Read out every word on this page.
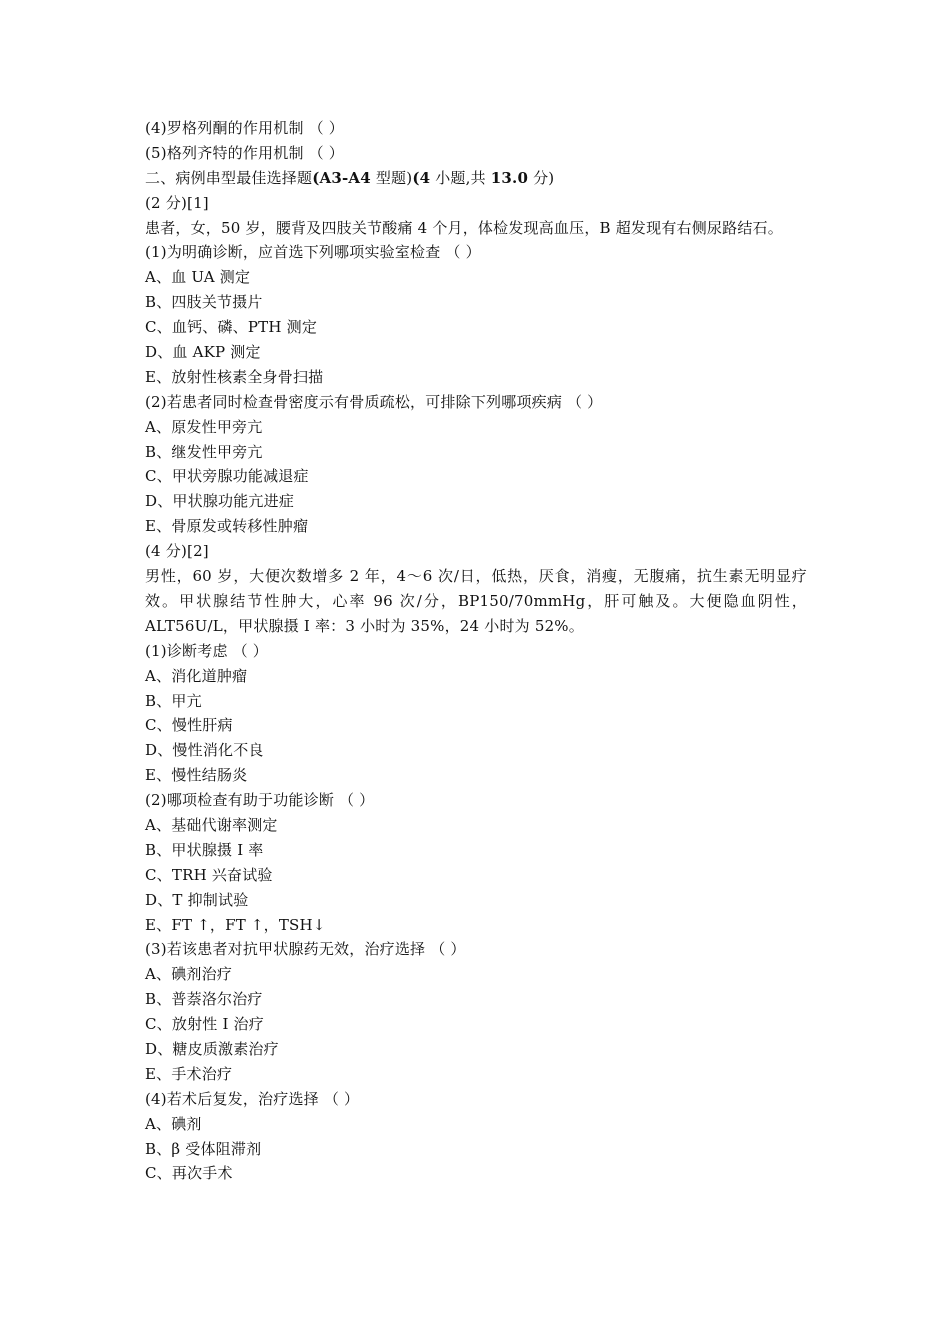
(4)罗格列酮的作用机制 （ ）
(5)格列齐特的作用机制 （ ）
二、病例串型最佳选择题(A3-A4 型题)(4 小题,共 13.0 分)
(2 分)[1]
患者，女，50 岁，腰背及四肢关节酸痛 4 个月，体检发现高血压，B 超发现有右侧尿路结石。
(1)为明确诊断，应首选下列哪项实验室检查 （ ）
A、血 UA 测定
B、四肢关节摄片
C、血钙、磷、PTH 测定
D、血 AKP 测定
E、放射性核素全身骨扫描
(2)若患者同时检查骨密度示有骨质疏松，可排除下列哪项疾病 （ ）
A、原发性甲旁亢
B、继发性甲旁亢
C、甲状旁腺功能减退症
D、甲状腺功能亢进症
E、骨原发或转移性肿瘤
(4 分)[2]
男性，60 岁，大便次数增多 2 年，4～6 次/日，低热，厌食，消瘦，无腹痛，抗生素无明显疗效。甲状腺结节性肿大，心率 96 次/分，BP150/70mmHg，肝可触及。大便隐血阴性，ALT56U/L，甲状腺摄 I 率：3 小时为 35%，24 小时为 52%。
(1)诊断考虑 （ ）
A、消化道肿瘤
B、甲亢
C、慢性肝病
D、慢性消化不良
E、慢性结肠炎
(2)哪项检查有助于功能诊断 （ ）
A、基础代谢率测定
B、甲状腺摄 I 率
C、TRH 兴奋试验
D、T 抑制试验
E、FT ↑，FT ↑，TSH↓
(3)若该患者对抗甲状腺药无效，治疗选择 （ ）
A、碘剂治疗
B、普萘洛尔治疗
C、放射性 I 治疗
D、糖皮质激素治疗
E、手术治疗
(4)若术后复发，治疗选择 （ ）
A、碘剂
B、β 受体阻滞剂
C、再次手术
